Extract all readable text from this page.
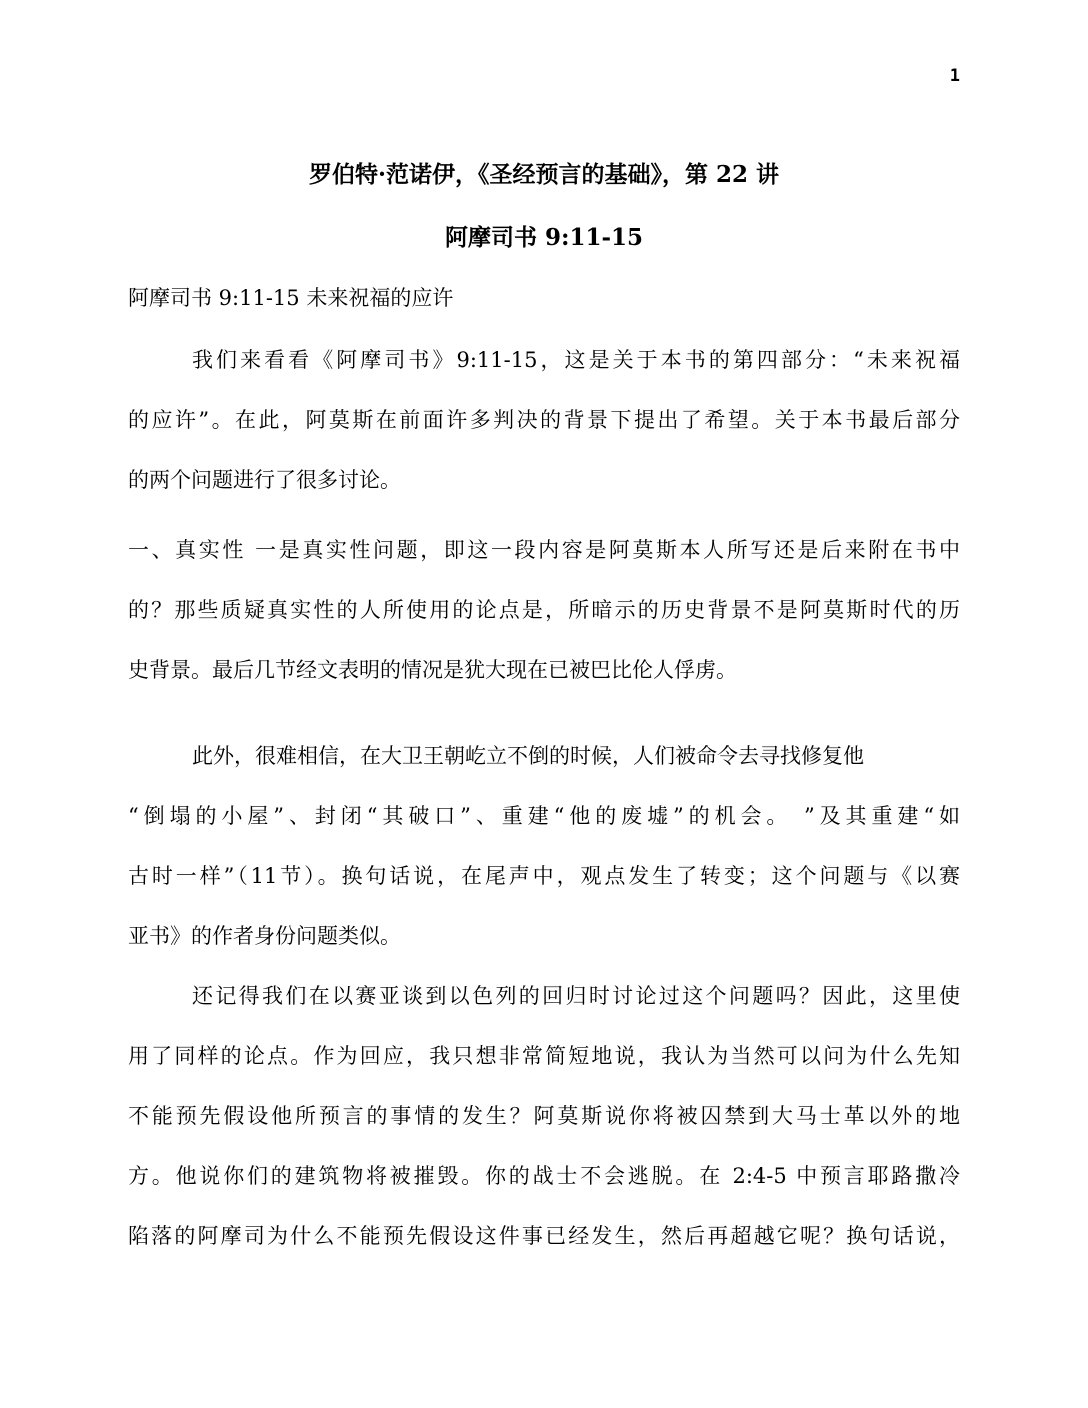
1
罗伯特·范诺伊，《圣经预言的基础》，第 22 讲
阿摩司书 9:11-15
阿摩司书 9:11-15 未来祝福的应许
我们来看看《阿摩司书》9:11-15，这是关于本书的第四部分：“未来祝福
的应许”。在此，阿莫斯在前面许多判决的背景下提出了希望。关于本书最后部分
的两个问题进行了很多讨论。
一、真实性 一是真实性问题，即这一段内容是阿莫斯本人所写还是后来附在书中
的？那些质疑真实性的人所使用的论点是，所暗示的历史背景不是阿莫斯时代的历
史背景。最后几节经文表明的情况是犹大现在已被巴比伦人俘虏。
此外，很难相信，在大卫王朝屹立不倒的时候，人们被命令去寻找修复他
“倒塌的小屋”、封闭“其破口”、重建“他的废墟”的机会。 ”及其重建“如
古时一样”（11节）。换句话说，在尾声中，观点发生了转变；这个问题与《以赛
亚书》的作者身份问题类似。
还记得我们在以赛亚谈到以色列的回归时讨论过这个问题吗？因此，这里使
用了同样的论点。作为回应，我只想非常简短地说，我认为当然可以问为什么先知
不能预先假设他所预言的事情的发生？阿莫斯说你将被囚禁到大马士革以外的地
方。他说你们的建筑物将被摧毁。你的战士不会逃脱。在 2:4-5 中预言耶路撒冷
陷落的阿摩司为什么不能预先假设这件事已经发生，然后再超越它呢？换句话说，
